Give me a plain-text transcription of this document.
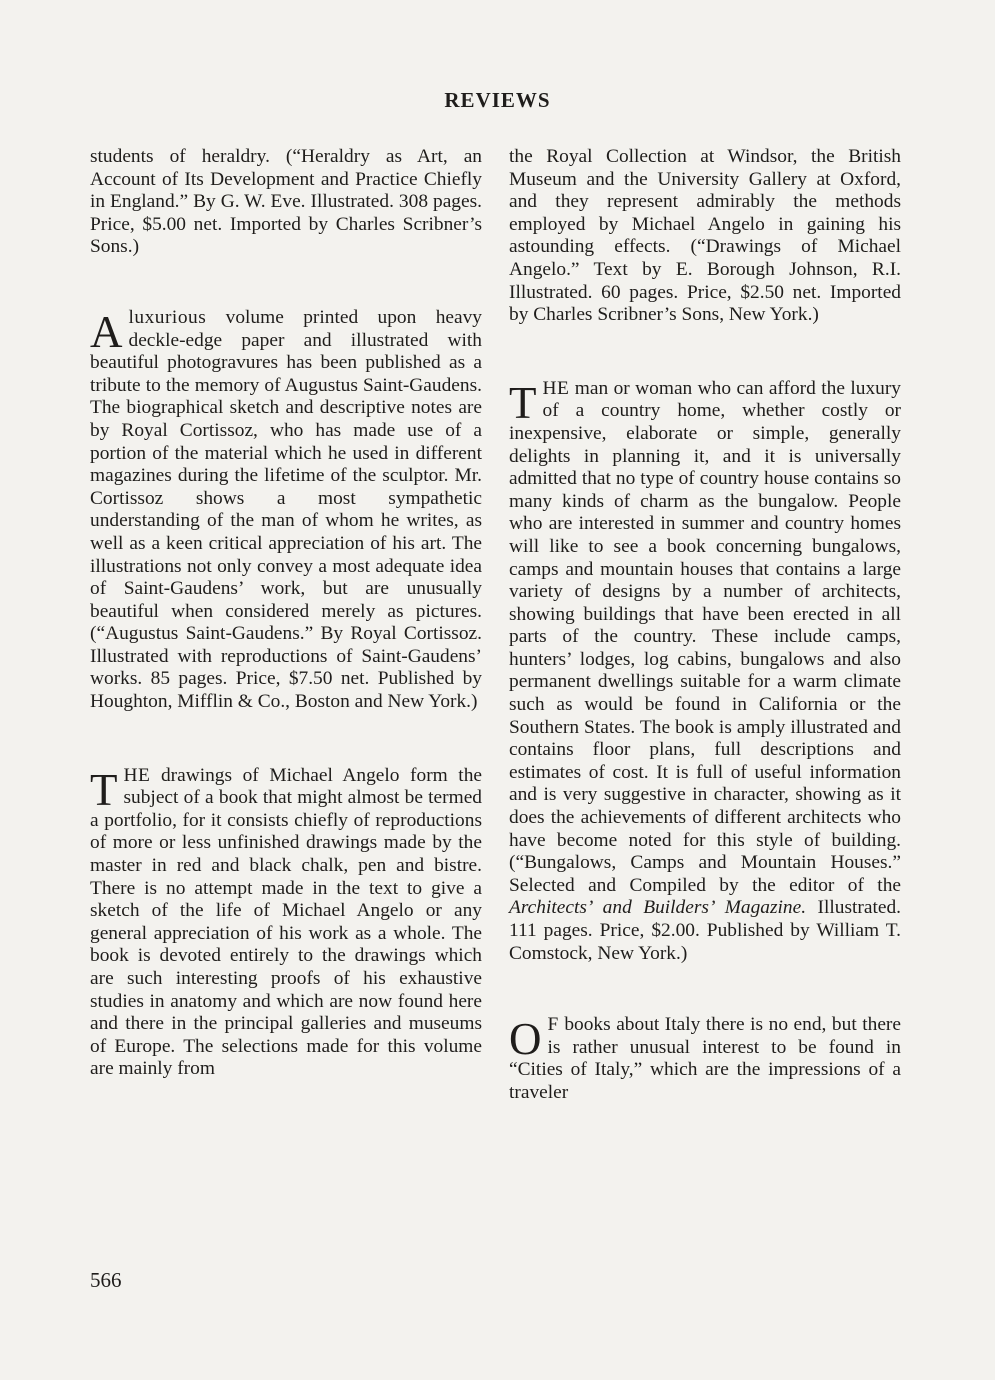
REVIEWS

students of heraldry. (“Heraldry as Art, an Account of Its Development and Practice Chiefly in England.” By G. W. Eve. Illustrated. 308 pages. Price, $5.00 net. Imported by Charles Scribner’s Sons.)

Aluxurious volume printed upon heavy deckle-edge paper and illustrated with beautiful photogravures has been published as a tribute to the memory of Augustus Saint-Gaudens. The biographical sketch and descriptive notes are by Royal Cortissoz, who has made use of a portion of the material which he used in different magazines during the lifetime of the sculptor. Mr. Cortissoz shows a most sympathetic understanding of the man of whom he writes, as well as a keen critical appreciation of his art. The illustrations not only convey a most adequate idea of Saint-Gaudens’ work, but are unusually beautiful when considered merely as pictures. (“Augustus Saint-Gaudens.” By Royal Cortissoz. Illustrated with reproductions of Saint-Gaudens’ works. 85 pages. Price, $7.50 net. Published by Houghton, Mifflin & Co., Boston and New York.)

THE drawings of Michael Angelo form the subject of a book that might almost be termed a portfolio, for it consists chiefly of reproductions of more or less unfinished drawings made by the master in red and black chalk, pen and bistre. There is no attempt made in the text to give a sketch of the life of Michael Angelo or any general appreciation of his work as a whole. The book is devoted entirely to the drawings which are such interesting proofs of his exhaustive studies in anatomy and which are now found here and there in the principal galleries and museums of Europe. The selections made for this volume are mainly from

the Royal Collection at Windsor, the British Museum and the University Gallery at Oxford, and they represent admirably the methods employed by Michael Angelo in gaining his astounding effects. (“Drawings of Michael Angelo.” Text by E. Borough Johnson, R.I. Illustrated. 60 pages. Price, $2.50 net. Imported by Charles Scribner’s Sons, New York.)

THE man or woman who can afford the luxury of a country home, whether costly or inexpensive, elaborate or simple, generally delights in planning it, and it is universally admitted that no type of country house contains so many kinds of charm as the bungalow. People who are interested in summer and country homes will like to see a book concerning bungalows, camps and mountain houses that contains a large variety of designs by a number of architects, showing buildings that have been erected in all parts of the country. These include camps, hunters’ lodges, log cabins, bungalows and also permanent dwellings suitable for a warm climate such as would be found in California or the Southern States. The book is amply illustrated and contains floor plans, full descriptions and estimates of cost. It is full of useful information and is very suggestive in character, showing as it does the achievements of different architects who have become noted for this style of building. (“Bungalows, Camps and Mountain Houses.” Selected and Compiled by the editor of the Architects’ and Builders’ Magazine. Illustrated. 111 pages. Price, $2.00. Published by William T. Comstock, New York.)

O F books about Italy there is no end, but there is rather unusual interest to be found in “Cities of Italy,” which are the impressions of a traveler

566
